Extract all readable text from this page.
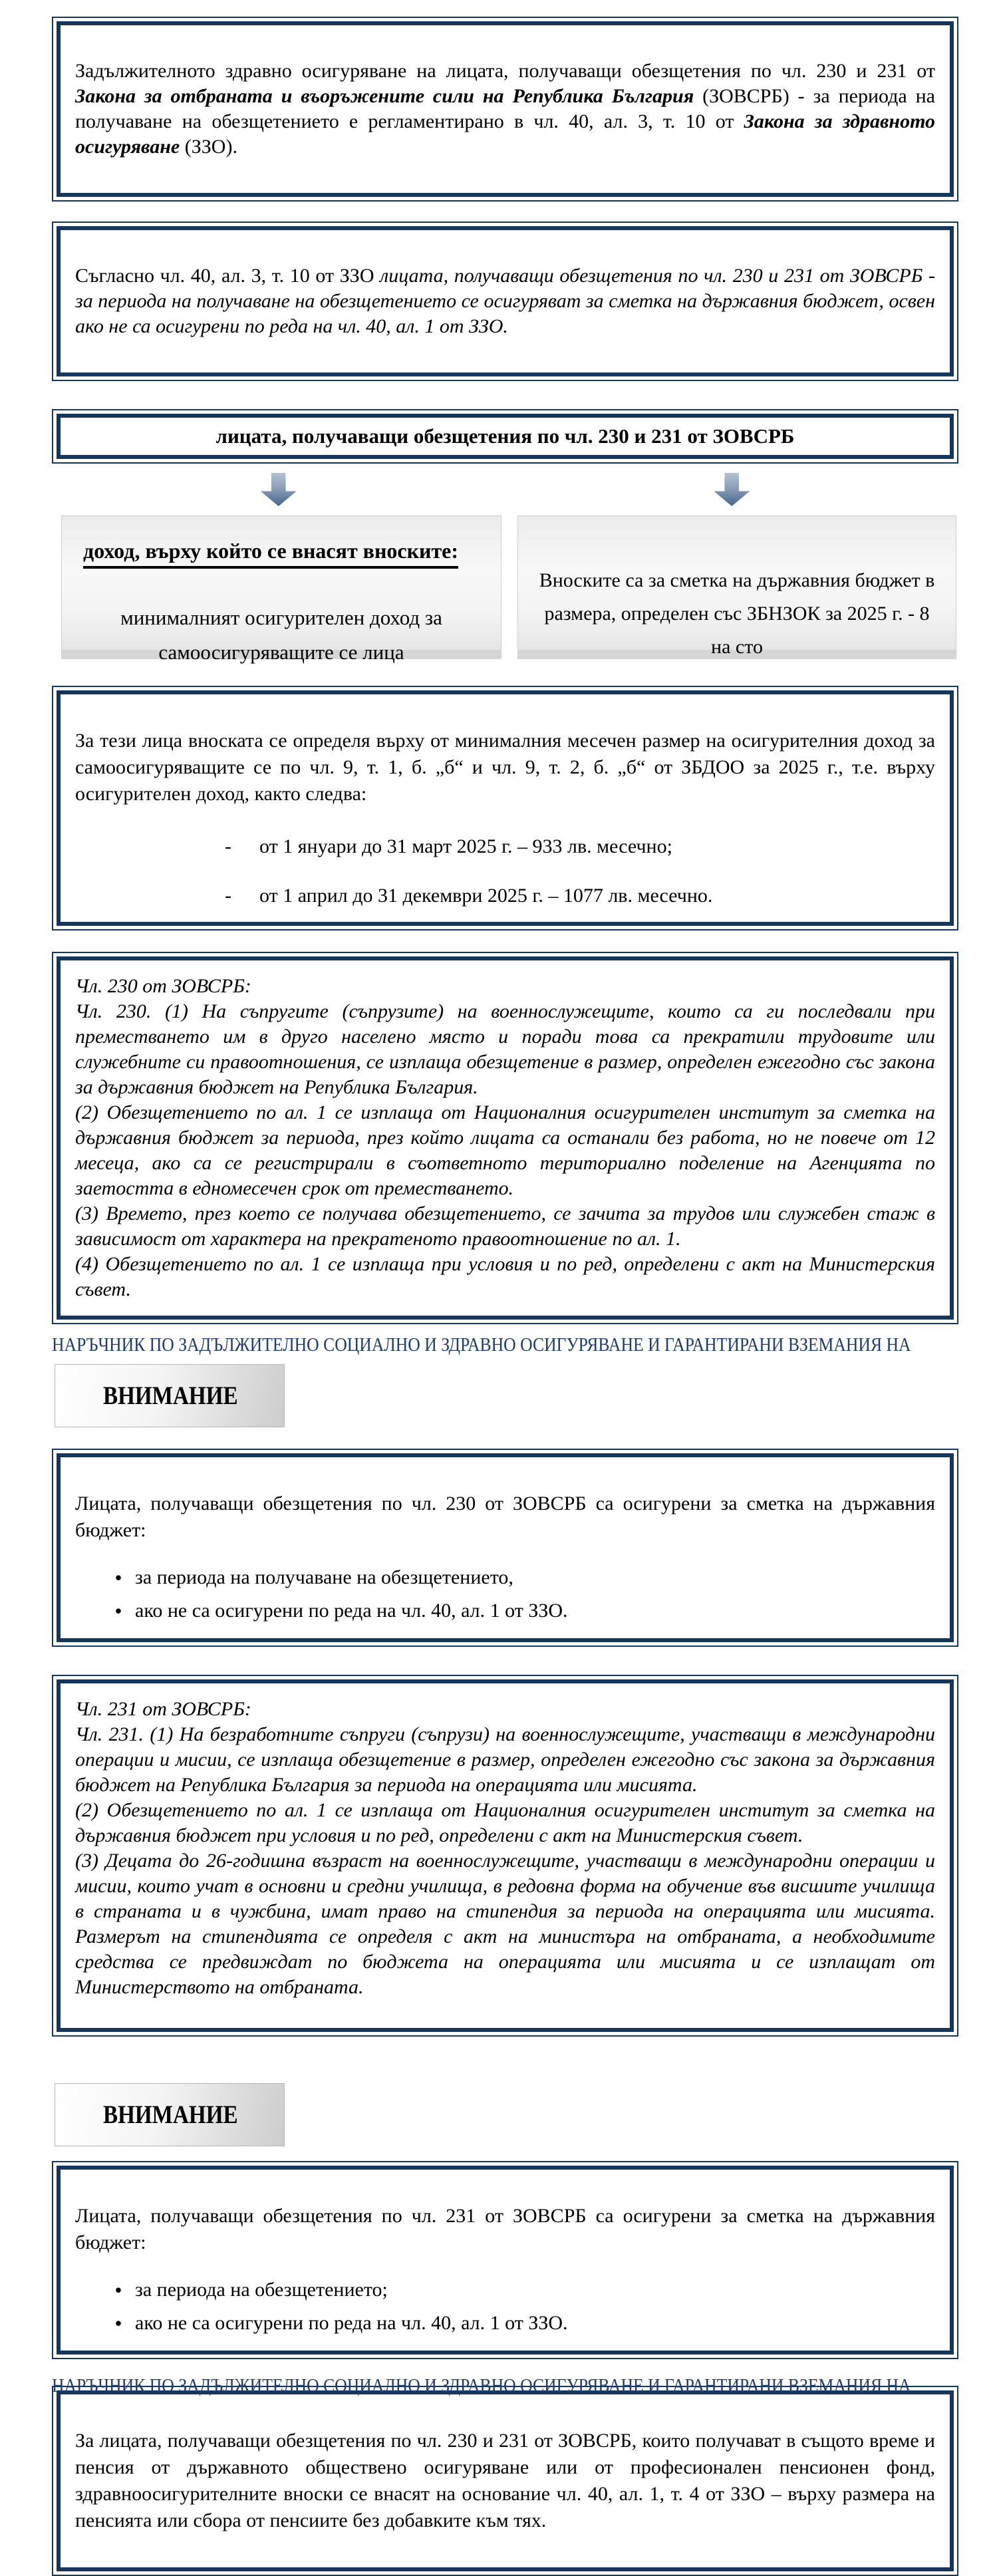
Задължителното здравно осигуряване на лицата, получаващи обезщетения по чл. 230 и 231 от Закона за отбраната и въоръжените сили на Република България (ЗОВСРБ) - за периода на получаване на обезщетението е регламентирано в чл. 40, ал. 3, т. 10 от Закона за здравното осигуряване (ЗЗО).

Съгласно чл. 40, ал. 3, т. 10 от ЗЗО лицата, получаващи обезщетения по чл. 230 и 231 от ЗОВСРБ - за периода на получаване на обезщетението се осигуряват за сметка на държавния бюджет, освен ако не са осигурени по реда на чл. 40, ал. 1 от ЗЗО.

лицата, получаващи обезщетения по чл. 230 и 231 от ЗОВСРБ
доход, върху който се внасят вноските:
минималният осигурителен доход за самоосигуряващите се лица
Вноските са за сметка на държавния бюджет в размера, определен със ЗБНЗОК за 2025 г. - 8 на сто

За тези лица вноската се определя върху от минималния месечен размер на осигурителния доход за самоосигуряващите се по чл. 9, т. 1, б. „б“ и чл. 9, т. 2, б. „б“ от ЗБДОО за 2025 г., т.е. върху осигурителен доход, както следва:

-	от 1 януари до 31 март 2025 г. – 933 лв. месечно;
-	от 1 април до 31 декември 2025 г. – 1077 лв. месечно.

Чл. 230 от ЗОВСРБ:

Чл. 230. (1) На съпругите (съпрузите) на военнослужещите, които са ги последвали при преместването им в друго населено място и поради това са прекратили трудовите или служебните си правоотношения, се изплаща обезщетение в размер, определен ежегодно със закона за държавния бюджет на Република България.

(2) Обезщетението по ал. 1 се изплаща от Националния осигурителен институт за сметка на държавния бюджет за периода, през който лицата са останали без работа, но не повече от 12 месеца, ако са се регистрирали в съответното териториално поделение на Агенцията по заетостта в едномесечен срок от преместването.

(3) Времето, през което се получава обезщетението, се зачита за трудов или служебен стаж в зависимост от характера на прекратеното правоотношение по ал. 1.

(4) Обезщетението по ал. 1 се изплаща при условия и по ред, определени с акт на Министерския съвет.

НАРЪЧНИК ПО ЗАДЪЛЖИТЕЛНО СОЦИАЛНО И ЗДРАВНО ОСИГУРЯВАНЕ И ГАРАНТИРАНИ ВЗЕМАНИЯ НА
ВНИМАНИЕ

Лицата, получаващи обезщетения по чл. 230 от ЗОВСРБ са осигурени за сметка на държавния бюджет:

• за периода на получаване на обезщетението,
• ако не са осигурени по реда на чл. 40, ал. 1 от ЗЗО.

Чл. 231 от ЗОВСРБ:

Чл. 231. (1) На безработните съпруги (съпрузи) на военнослужещите, участващи в международни операции и мисии, се изплаща обезщетение в размер, определен ежегодно със закона за държавния бюджет на Република България за периода на операцията или мисията.

(2) Обезщетението по ал. 1 се изплаща от Националния осигурителен институт за сметка на държавния бюджет при условия и по ред, определени с акт на Министерския съвет.

(3) Децата до 26-годишна възраст на военнослужещите, участващи в международни операции и мисии, които учат в основни и средни училища, в редовна форма на обучение във висшите училища в страната и в чужбина, имат право на стипендия за периода на операцията или мисията. Размерът на стипендията се определя с акт на министъра на отбраната, а необходимите средства се предвиждат по бюджета на операцията или мисията и се изплащат от Министерството на отбраната.

ВНИМАНИЕ

Лицата, получаващи обезщетения по чл. 231 от ЗОВСРБ са осигурени за сметка на държавния бюджет:

• за периода на обезщетението;
• ако не са осигурени по реда на чл. 40, ал. 1 от ЗЗО.

За лицата, получаващи обезщетения по чл. 230 и 231 от ЗОВСРБ, които получават в същото време и пенсия от държавното обществено осигуряване или от професионален пенсионен фонд, здравноосигурителните вноски се внасят на основание чл. 40, ал. 1, т. 4 от ЗЗО – върху размера на пенсията или сбора от пенсиите без добавките към тях.

НАРЪЧНИК ПО ЗАДЪЛЖИТЕЛНО СОЦИАЛНО И ЗДРАВНО ОСИГУРЯВАНЕ И ГАРАНТИРАНИ ВЗЕМАНИЯ НА
